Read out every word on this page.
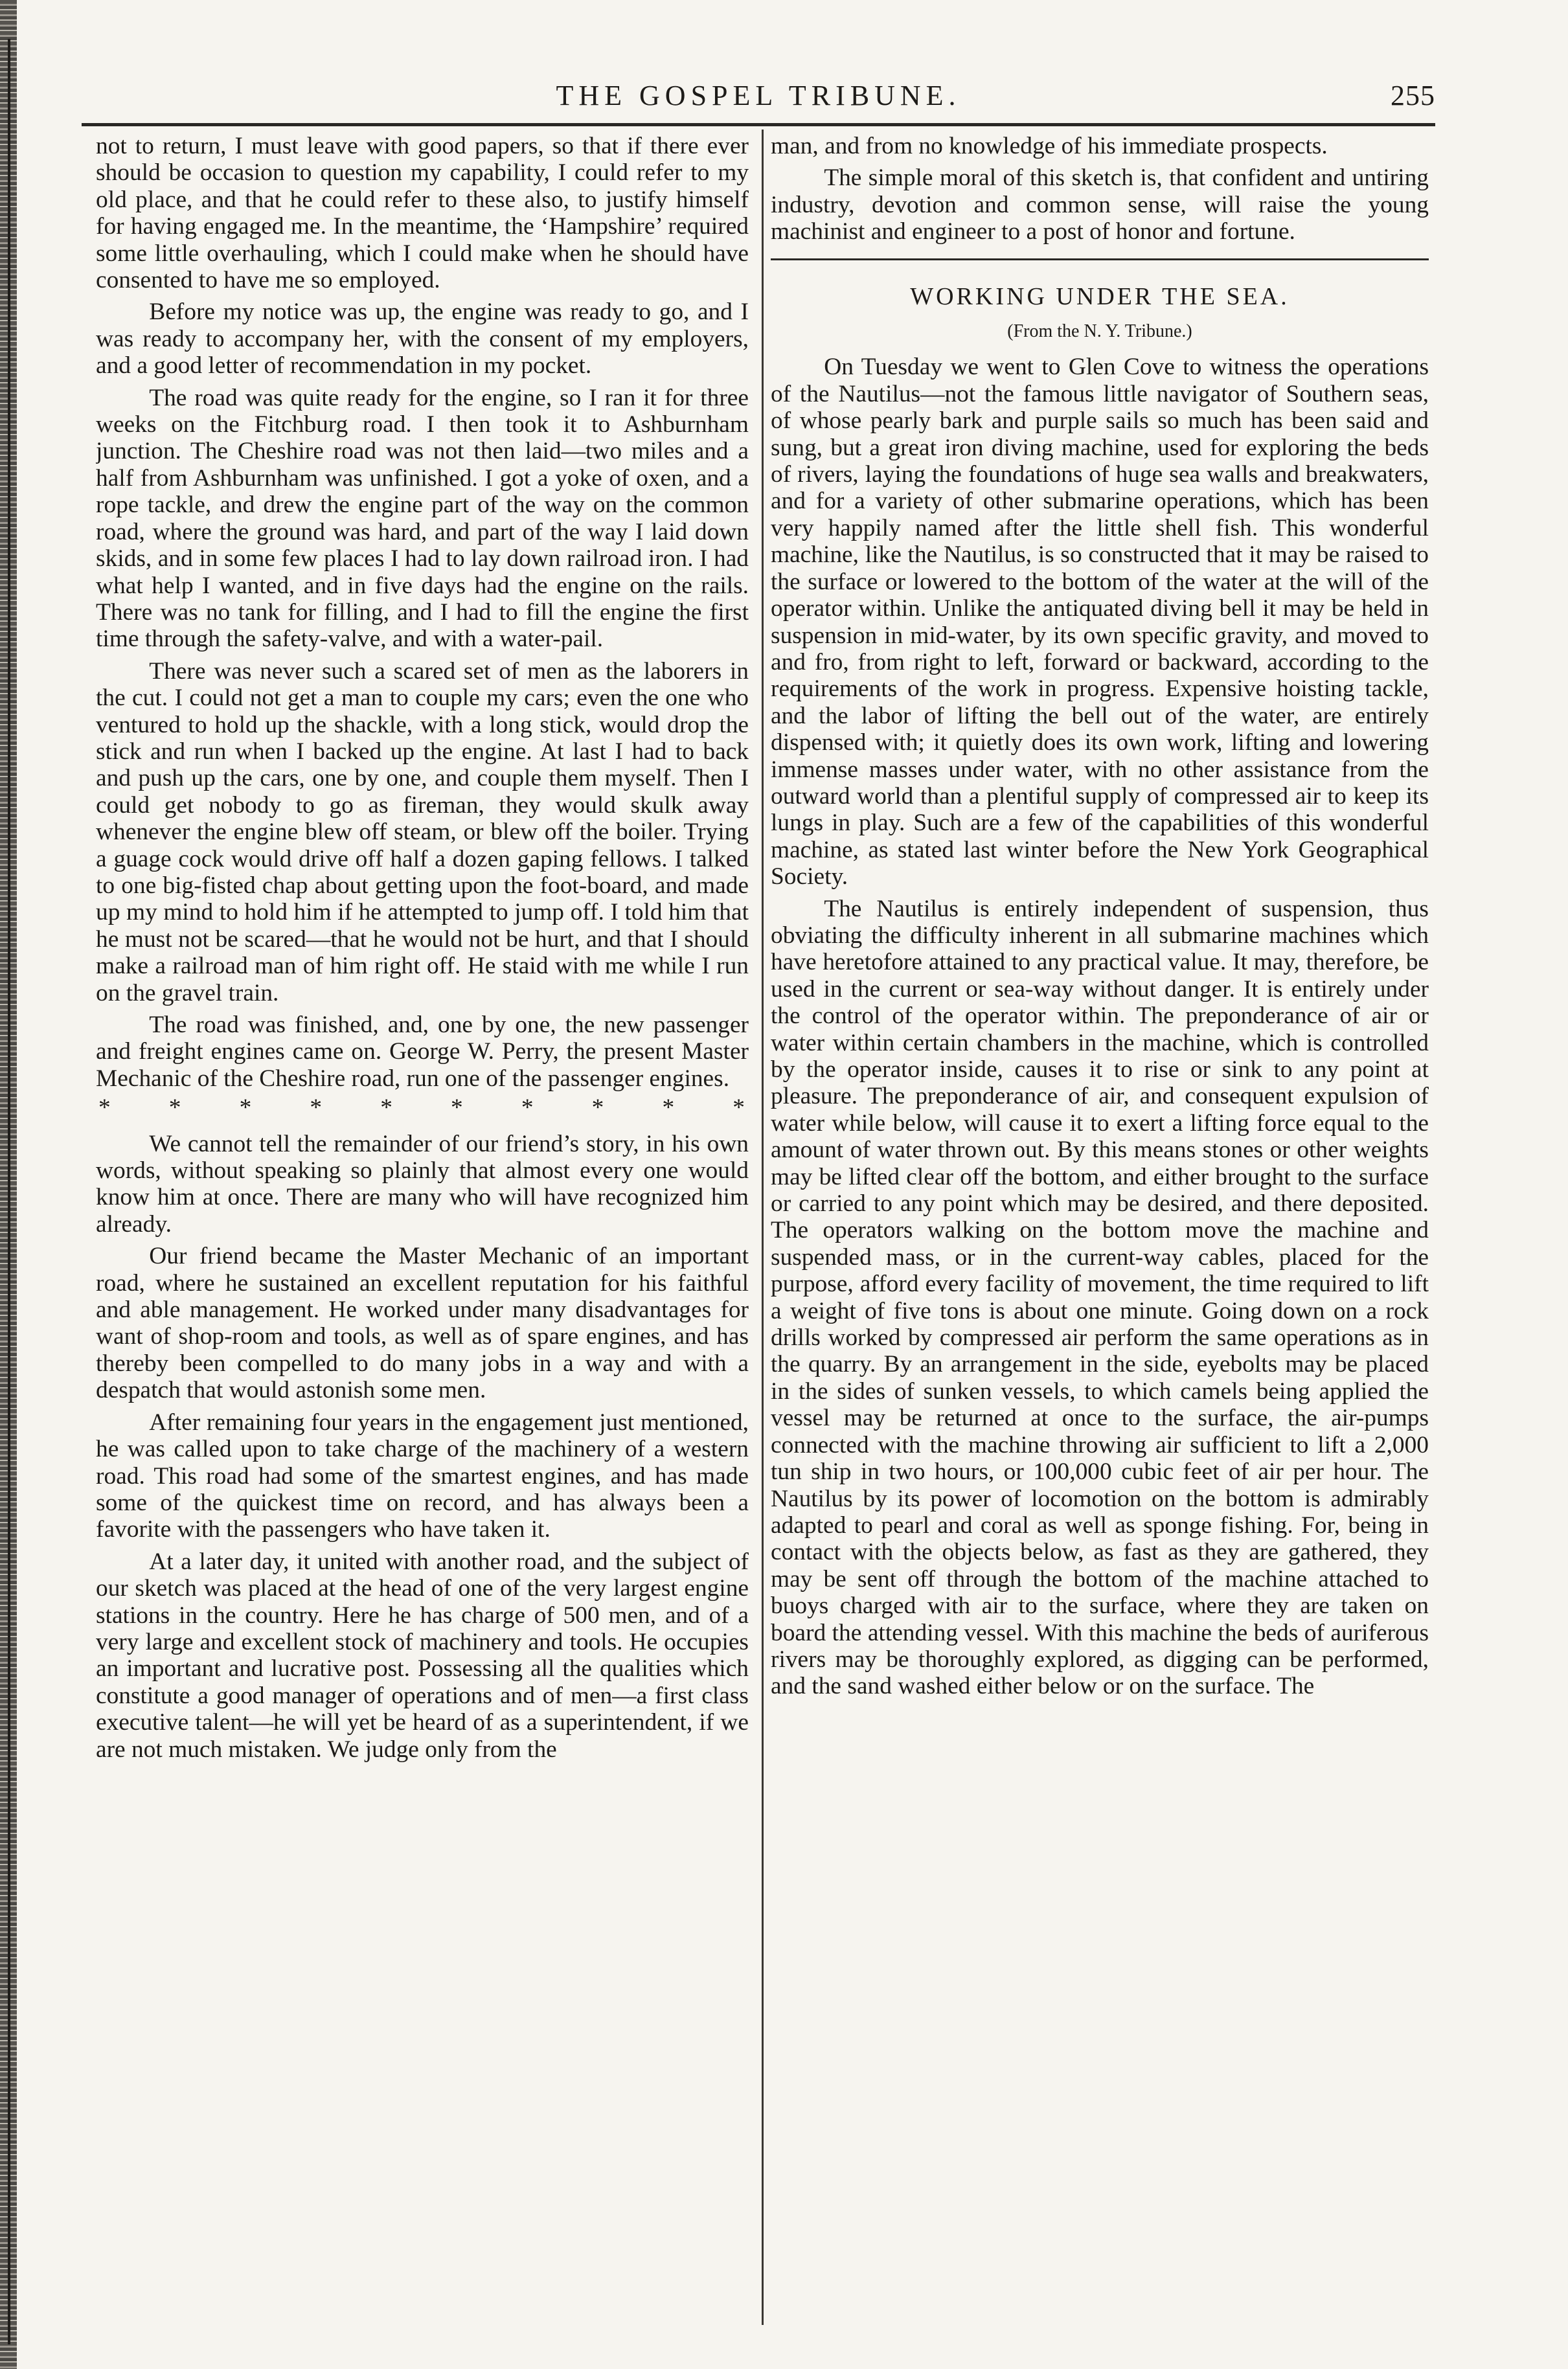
THE GOSPEL TRIBUNE.	255

not to return, I must leave with good papers, so that if there ever should be occasion to question my capability, I could refer to my old place, and that he could refer to these also, to justify himself for having engaged me. In the meantime, the ‘Hampshire’ required some little overhauling, which I could make when he should have consented to have me so employed.

Before my notice was up, the engine was ready to go, and I was ready to accompany her, with the consent of my employers, and a good letter of recommendation in my pocket.

The road was quite ready for the engine, so I ran it for three weeks on the Fitchburg road. I then took it to Ashburnham junction. The Cheshire road was not then laid—two miles and a half from Ashburnham was unfinished. I got a yoke of oxen, and a rope tackle, and drew the engine part of the way on the common road, where the ground was hard, and part of the way I laid down skids, and in some few places I had to lay down railroad iron. I had what help I wanted, and in five days had the engine on the rails. There was no tank for filling, and I had to fill the engine the first time through the safety-valve, and with a water-pail.

There was never such a scared set of men as the laborers in the cut. I could not get a man to couple my cars; even the one who ventured to hold up the shackle, with a long stick, would drop the stick and run when I backed up the engine. At last I had to back and push up the cars, one by one, and couple them myself. Then I could get nobody to go as fireman, they would skulk away whenever the engine blew off steam, or blew off the boiler. Trying a guage cock would drive off half a dozen gaping fellows. I talked to one big-fisted chap about getting upon the foot-board, and made up my mind to hold him if he attempted to jump off. I told him that he must not be scared—that he would not be hurt, and that I should make a railroad man of him right off. He staid with me while I run on the gravel train.

The road was finished, and, one by one, the new passenger and freight engines came on. George W. Perry, the present Master Mechanic of the Cheshire road, run one of the passenger engines.

* * * * * * * * * *

We cannot tell the remainder of our friend’s story, in his own words, without speaking so plainly that almost every one would know him at once. There are many who will have recognized him already.

Our friend became the Master Mechanic of an important road, where he sustained an excellent reputation for his faithful and able management. He worked under many disadvantages for want of shop-room and tools, as well as of spare engines, and has thereby been compelled to do many jobs in a way and with a despatch that would astonish some men.

After remaining four years in the engagement just mentioned, he was called upon to take charge of the machinery of a western road. This road had some of the smartest engines, and has made some of the quickest time on record, and has always been a favorite with the passengers who have taken it.

At a later day, it united with another road, and the subject of our sketch was placed at the head of one of the very largest engine stations in the country. Here he has charge of 500 men, and of a very large and excellent stock of machinery and tools. He occupies an important and lucrative post. Possessing all the qualities which constitute a good manager of operations and of men—a first class executive talent—he will yet be heard of as a superintendent, if we are not much mistaken. We judge only from the

man, and from no knowledge of his immediate prospects.

The simple moral of this sketch is, that confident and untiring industry, devotion and common sense, will raise the young machinist and engineer to a post of honor and fortune.

WORKING UNDER THE SEA.
(From the N. Y. Tribune.)

On Tuesday we went to Glen Cove to witness the operations of the Nautilus—not the famous little navigator of Southern seas, of whose pearly bark and purple sails so much has been said and sung, but a great iron diving machine, used for exploring the beds of rivers, laying the foundations of huge sea walls and breakwaters, and for a variety of other submarine operations, which has been very happily named after the little shell fish. This wonderful machine, like the Nautilus, is so constructed that it may be raised to the surface or lowered to the bottom of the water at the will of the operator within. Unlike the antiquated diving bell it may be held in suspension in mid-water, by its own specific gravity, and moved to and fro, from right to left, forward or backward, according to the requirements of the work in progress. Expensive hoisting tackle, and the labor of lifting the bell out of the water, are entirely dispensed with; it quietly does its own work, lifting and lowering immense masses under water, with no other assistance from the outward world than a plentiful supply of compressed air to keep its lungs in play. Such are a few of the capabilities of this wonderful machine, as stated last winter before the New York Geographical Society.

The Nautilus is entirely independent of suspension, thus obviating the difficulty inherent in all submarine machines which have heretofore attained to any practical value. It may, therefore, be used in the current or sea-way without danger. It is entirely under the control of the operator within. The preponderance of air or water within certain chambers in the machine, which is controlled by the operator inside, causes it to rise or sink to any point at pleasure. The preponderance of air, and consequent expulsion of water while below, will cause it to exert a lifting force equal to the amount of water thrown out. By this means stones or other weights may be lifted clear off the bottom, and either brought to the surface or carried to any point which may be desired, and there deposited. The operators walking on the bottom move the machine and suspended mass, or in the current-way cables, placed for the purpose, afford every facility of movement, the time required to lift a weight of five tons is about one minute. Going down on a rock drills worked by compressed air perform the same operations as in the quarry. By an arrangement in the side, eyebolts may be placed in the sides of sunken vessels, to which camels being applied the vessel may be returned at once to the surface, the air-pumps connected with the machine throwing air sufficient to lift a 2,000 tun ship in two hours, or 100,000 cubic feet of air per hour. The Nautilus by its power of locomotion on the bottom is admirably adapted to pearl and coral as well as sponge fishing. For, being in contact with the objects below, as fast as they are gathered, they may be sent off through the bottom of the machine attached to buoys charged with air to the surface, where they are taken on board the attending vessel. With this machine the beds of auriferous rivers may be thoroughly explored, as digging can be performed, and the sand washed either below or on the surface. The
